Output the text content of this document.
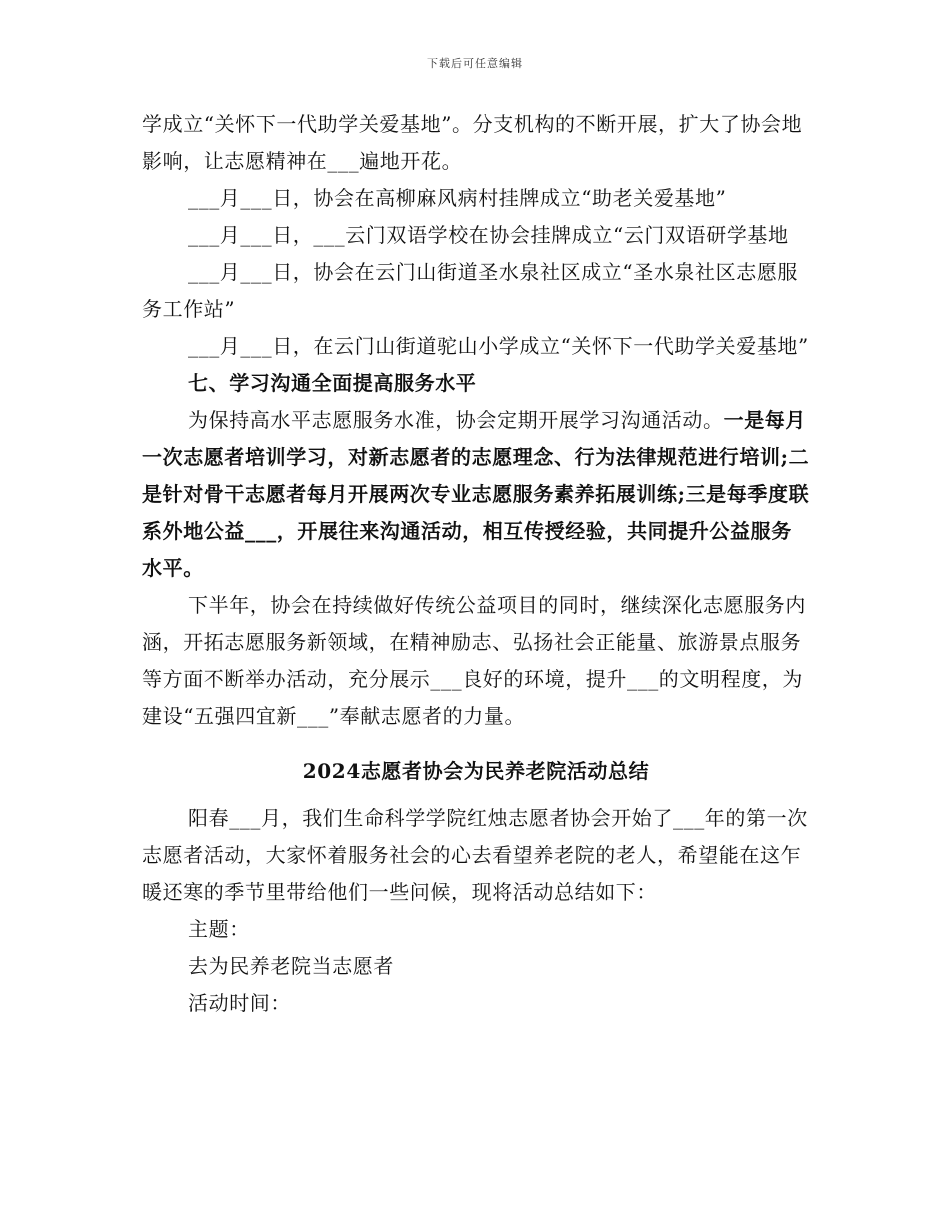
下载后可任意编辑

学成立“关怀下一代助学关爱基地”。分支机构的不断开展，扩大了协会地影响，让志愿精神在___遍地开花。

___月___日，协会在高柳麻风病村挂牌成立“助老关爱基地”

___月___日，___云门双语学校在协会挂牌成立“云门双语研学基地

___月___日，协会在云门山街道圣水泉社区成立“圣水泉社区志愿服务工作站”

___月___日，在云门山街道驼山小学成立“关怀下一代助学关爱基地”

七、学习沟通全面提高服务水平

为保持高水平志愿服务水准，协会定期开展学习沟通活动。一是每月一次志愿者培训学习，对新志愿者的志愿理念、行为法律规范进行培训;二是针对骨干志愿者每月开展两次专业志愿服务素养拓展训练;三是每季度联系外地公益___，开展往来沟通活动，相互传授经验，共同提升公益服务水平。

下半年，协会在持续做好传统公益项目的同时，继续深化志愿服务内涵，开拓志愿服务新领域，在精神励志、弘扬社会正能量、旅游景点服务等方面不断举办活动，充分展示___良好的环境，提升___的文明程度，为建设“五强四宜新___”奉献志愿者的力量。

2024志愿者协会为民养老院活动总结

阳春___月，我们生命科学学院红烛志愿者协会开始了___年的第一次志愿者活动，大家怀着服务社会的心去看望养老院的老人，希望能在这乍暖还寒的季节里带给他们一些问候，现将活动总结如下：

主题：

去为民养老院当志愿者

活动时间：
